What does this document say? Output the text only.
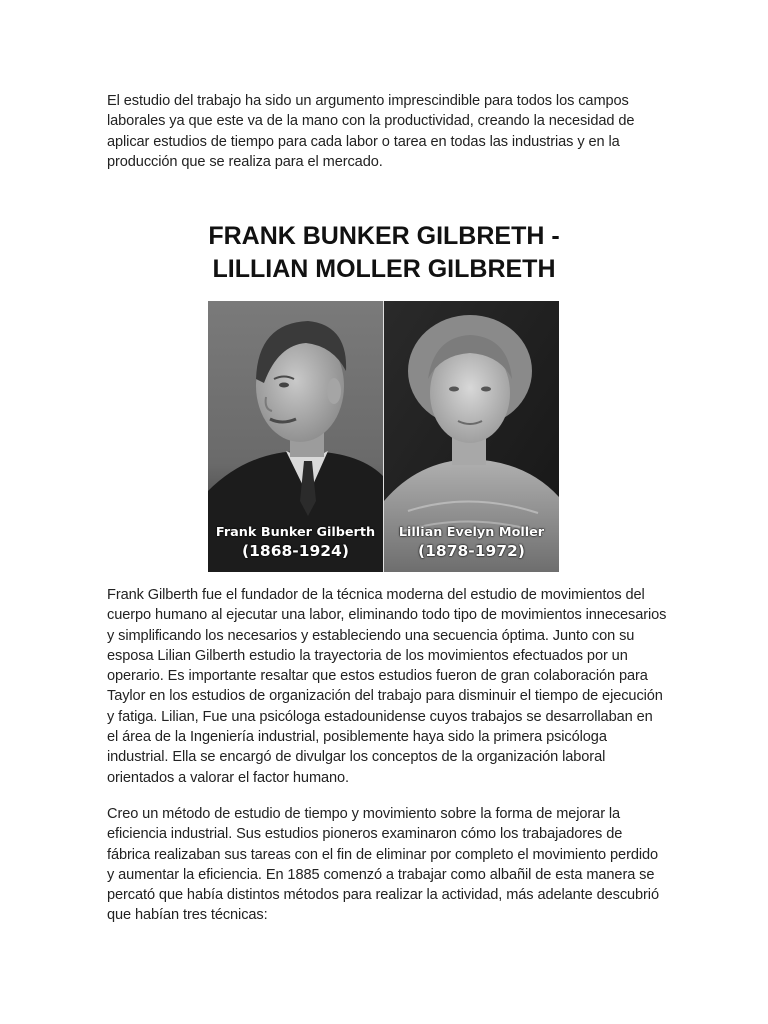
El estudio del trabajo ha sido un argumento imprescindible para todos los campos laborales ya que este va de la mano con la productividad, creando la necesidad de aplicar estudios de tiempo para cada labor o tarea en todas las industrias y en la producción que se realiza para el mercado.

FRANK BUNKER GILBRETH -
LILLIAN MOLLER GILBRETH
Frank Bunker Gilberth
(1868-1924)
Lillian Evelyn Moller
(1878-1972)

Frank Gilberth fue el fundador de la técnica moderna del estudio de movimientos del cuerpo humano al ejecutar una labor, eliminando todo tipo de movimientos innecesarios y simplificando los necesarios y estableciendo una secuencia óptima. Junto con su esposa Lilian Gilberth estudio la trayectoria de los movimientos efectuados por un operario. Es importante resaltar que estos estudios fueron de gran colaboración para Taylor en los estudios de organización del trabajo para disminuir el tiempo de ejecución y fatiga. Lilian, Fue una psicóloga estadounidense cuyos trabajos se desarrollaban en el área de la Ingeniería industrial, posiblemente haya sido la primera psicóloga industrial. Ella se encargó de divulgar los conceptos de la organización laboral orientados a valorar el factor humano.

Creo un método de estudio de tiempo y movimiento sobre la forma de mejorar la eficiencia industrial. Sus estudios pioneros examinaron cómo los trabajadores de fábrica realizaban sus tareas con el fin de eliminar por completo el movimiento perdido y aumentar la eficiencia. En 1885 comenzó a trabajar como albañil de esta manera se percató que había distintos métodos para realizar la actividad, más adelante descubrió que habían tres técnicas:
